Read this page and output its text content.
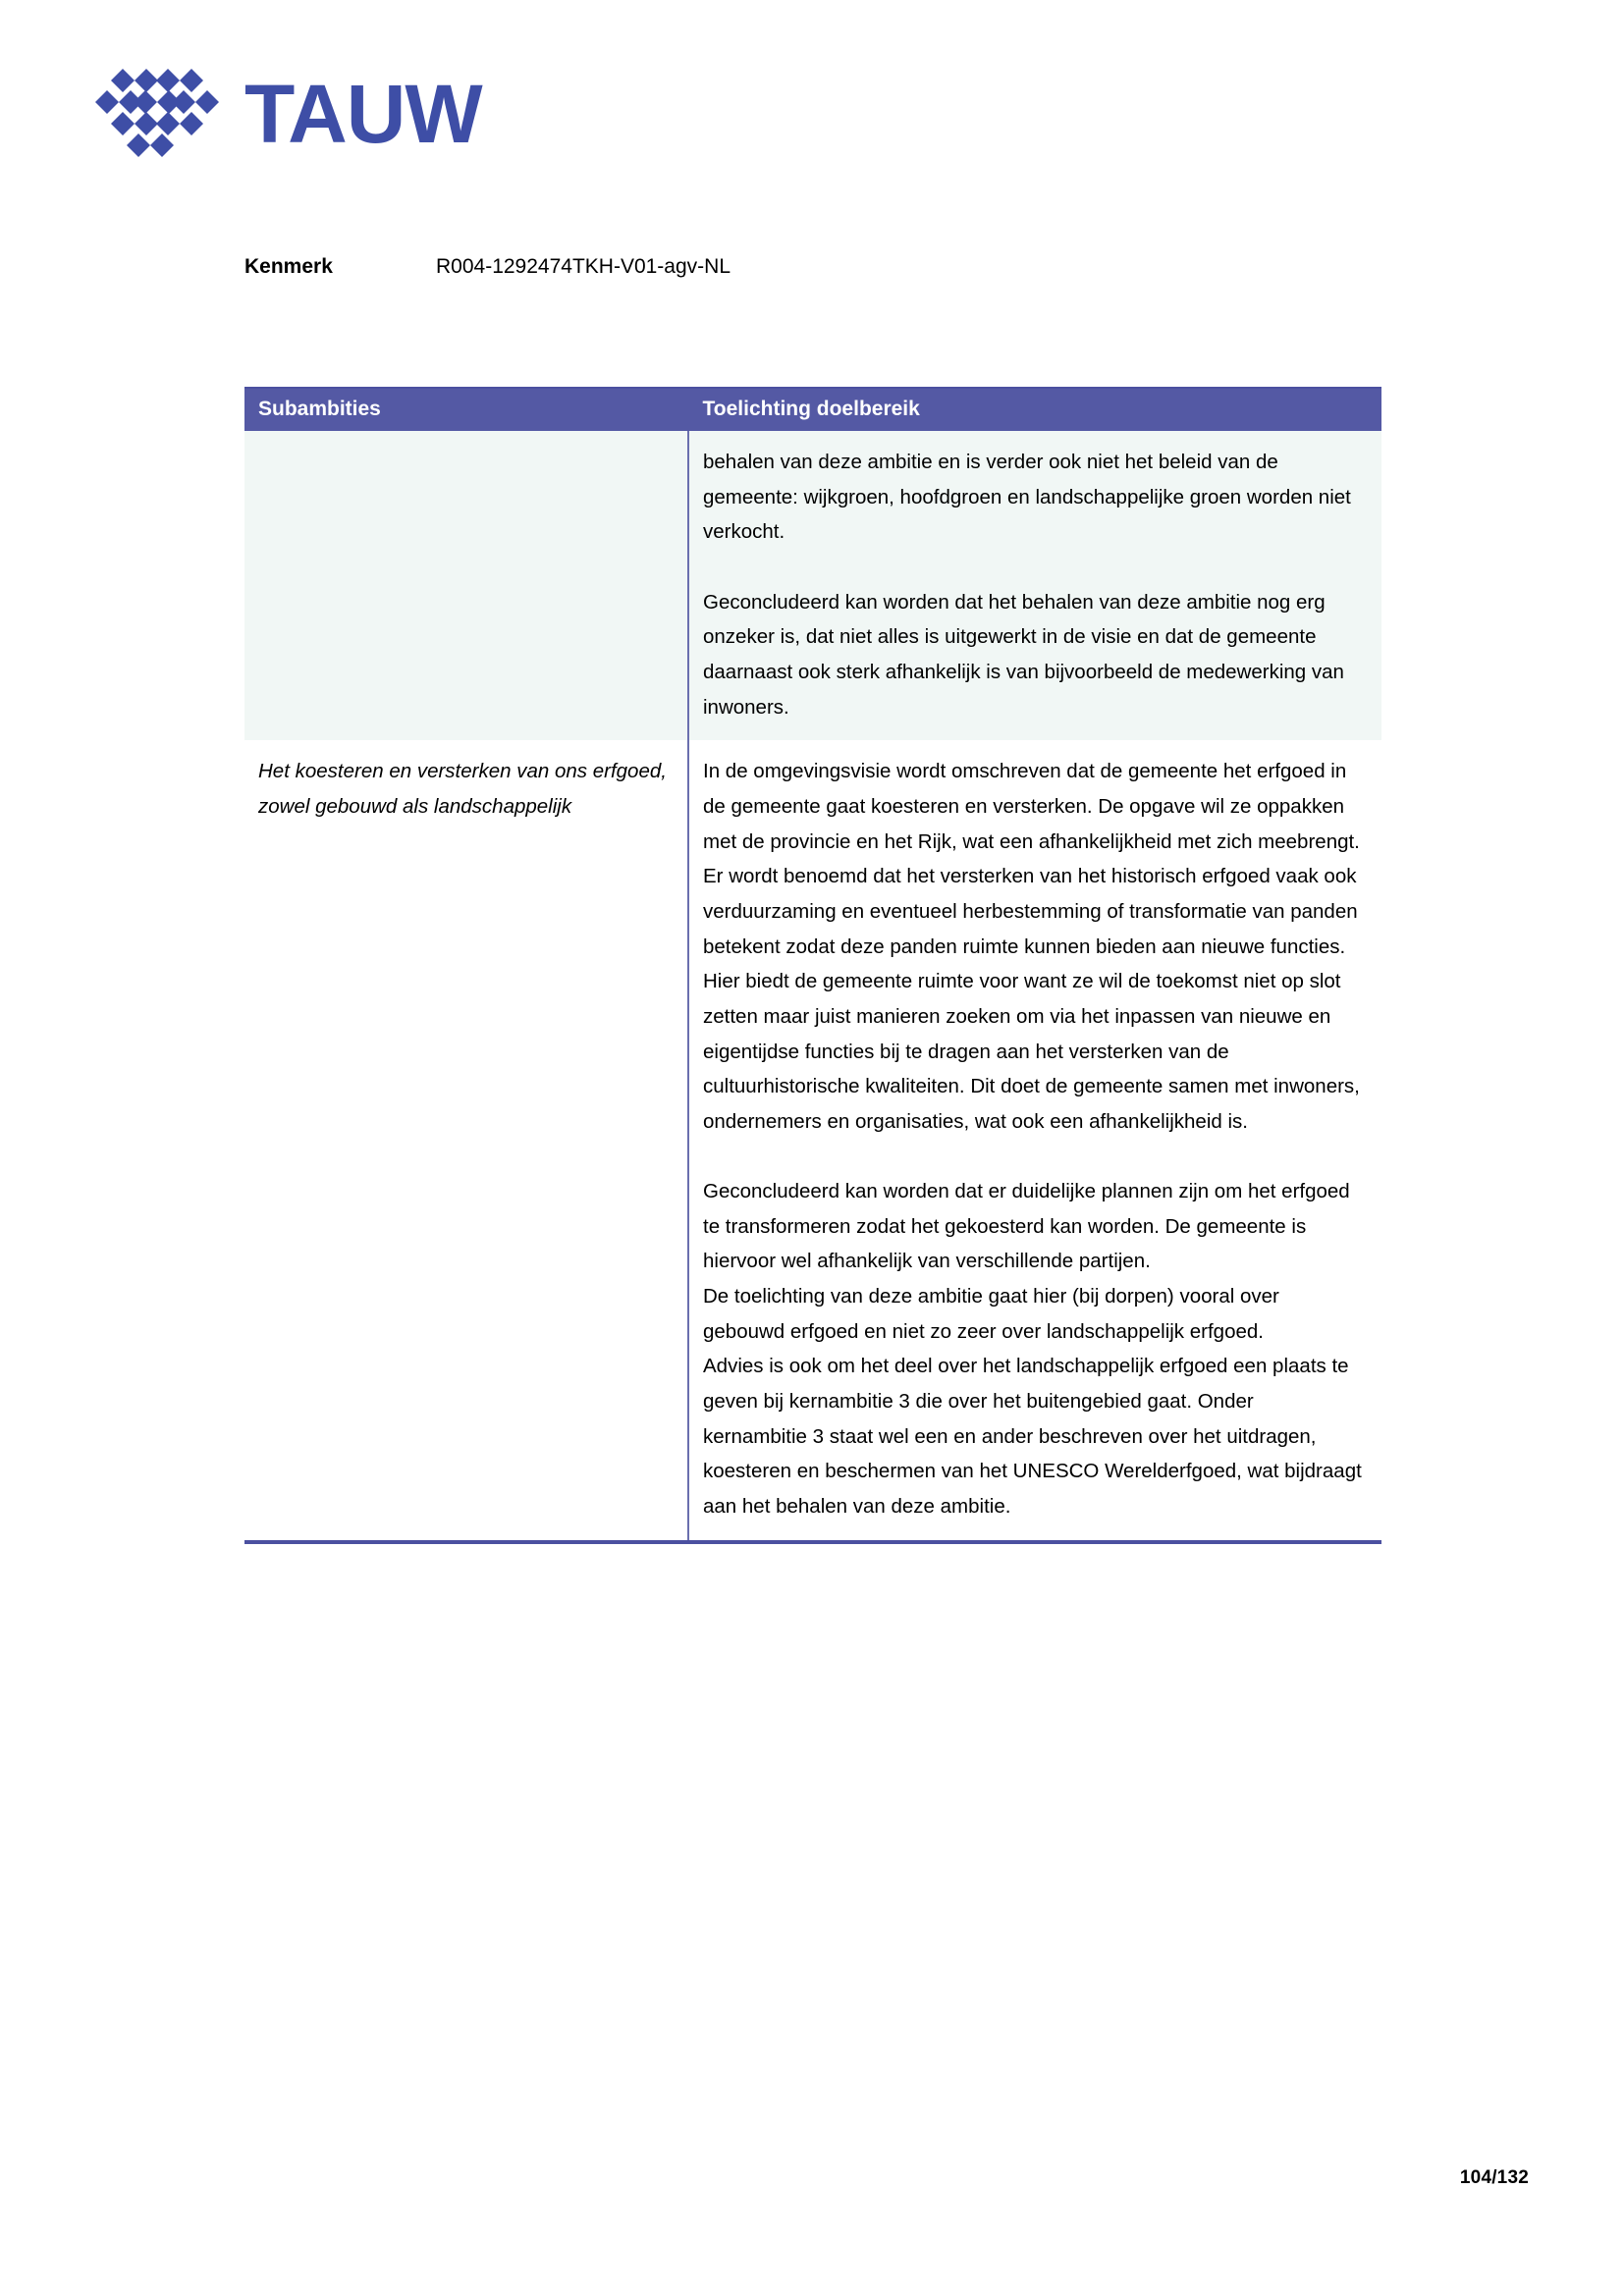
TAUW
Kenmerk	R004-1292474TKH-V01-agv-NL
Subambities	Toelichting doelbereik

	behalen van deze ambitie en is verder ook niet het beleid van de gemeente: wijkgroen, hoofdgroen en landschappelijke groen worden niet verkocht.

Geconcludeerd kan worden dat het behalen van deze ambitie nog erg onzeker is, dat niet alles is uitgewerkt in de visie en dat de gemeente daarnaast ook sterk afhankelijk is van bijvoorbeeld de medewerking van inwoners.

Het koesteren en versterken van ons erfgoed, zowel gebouwd als landschappelijk	In de omgevingsvisie wordt omschreven dat de gemeente het erfgoed in de gemeente gaat koesteren en versterken. De opgave wil ze oppakken met de provincie en het Rijk, wat een afhankelijkheid met zich meebrengt. Er wordt benoemd dat het versterken van het historisch erfgoed vaak ook verduurzaming en eventueel herbestemming of transformatie van panden betekent zodat deze panden ruimte kunnen bieden aan nieuwe functies. Hier biedt de gemeente ruimte voor want ze wil de toekomst niet op slot zetten maar juist manieren zoeken om via het inpassen van nieuwe en eigentijdse functies bij te dragen aan het versterken van de cultuurhistorische kwaliteiten. Dit doet de gemeente samen met inwoners, ondernemers en organisaties, wat ook een afhankelijkheid is.

Geconcludeerd kan worden dat er duidelijke plannen zijn om het erfgoed te transformeren zodat het gekoesterd kan worden. De gemeente is hiervoor wel afhankelijk van verschillende partijen.

De toelichting van deze ambitie gaat hier (bij dorpen) vooral over gebouwd erfgoed en niet zo zeer over landschappelijk erfgoed.

Advies is ook om het deel over het landschappelijk erfgoed een plaats te geven bij kernambitie 3 die over het buitengebied gaat. Onder kernambitie 3 staat wel een en ander beschreven over het uitdragen, koesteren en beschermen van het UNESCO Werelderfgoed, wat bijdraagt aan het behalen van deze ambitie.

104/132
